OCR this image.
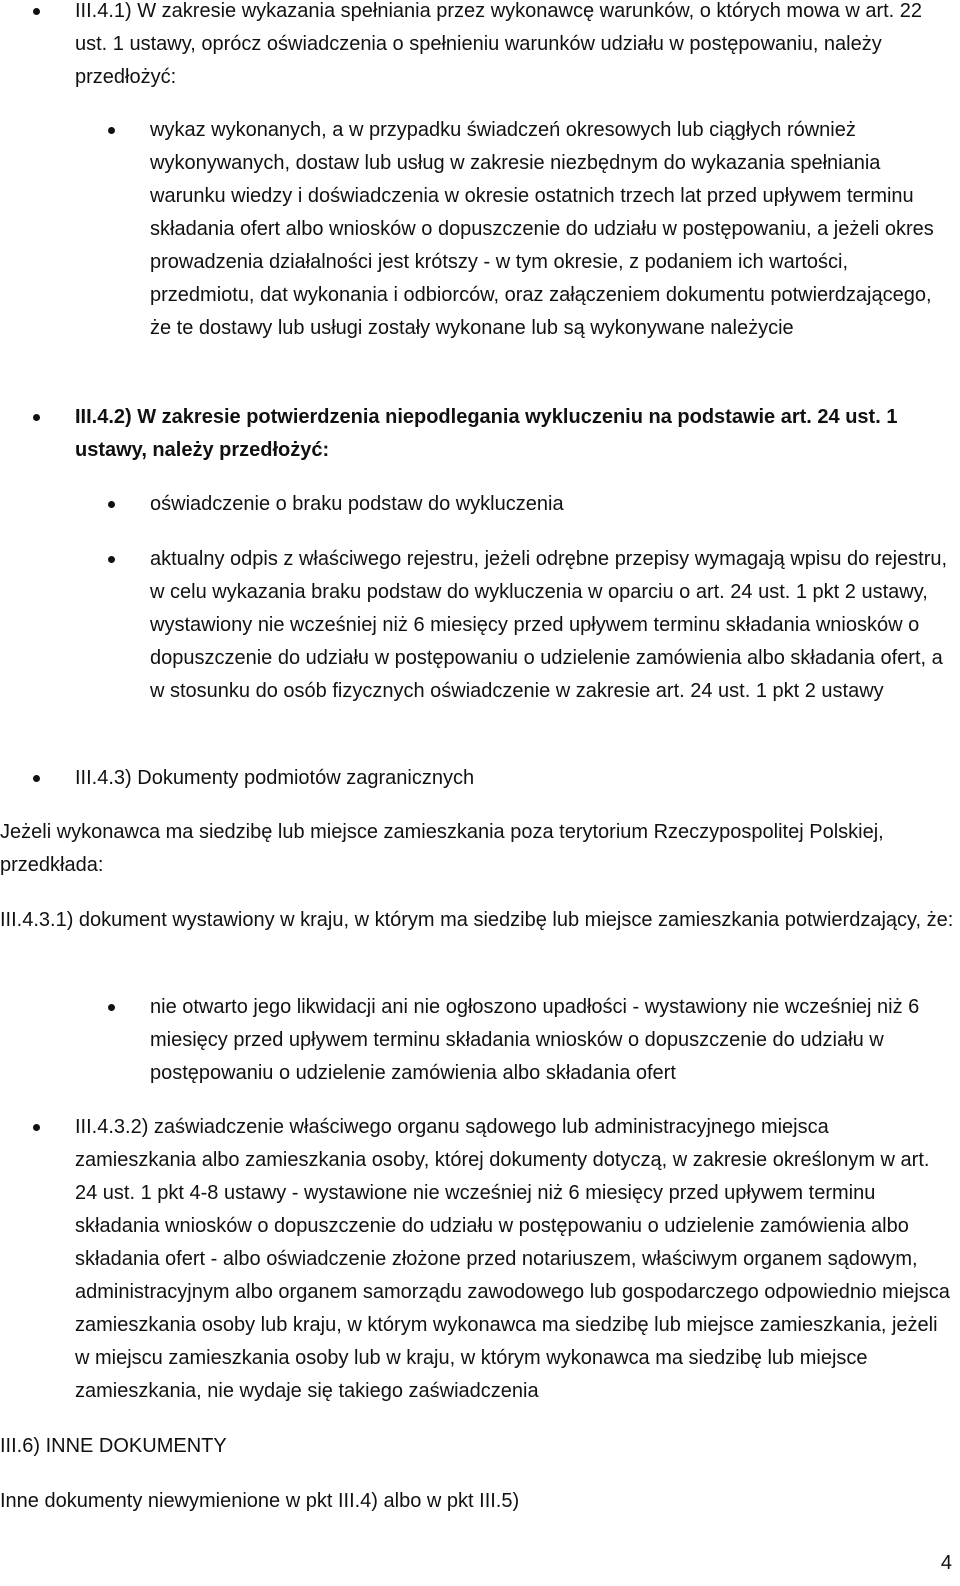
III.4.1) W zakresie wykazania spełniania przez wykonawcę warunków, o których mowa w art. 22 ust. 1 ustawy, oprócz oświadczenia o spełnieniu warunków udziału w postępowaniu, należy przedłożyć:

wykaz wykonanych, a w przypadku świadczeń okresowych lub ciągłych również wykonywanych, dostaw lub usług w zakresie niezbędnym do wykazania spełniania warunku wiedzy i doświadczenia w okresie ostatnich trzech lat przed upływem terminu składania ofert albo wniosków o dopuszczenie do udziału w postępowaniu, a jeżeli okres prowadzenia działalności jest krótszy - w tym okresie, z podaniem ich wartości, przedmiotu, dat wykonania i odbiorców, oraz załączeniem dokumentu potwierdzającego, że te dostawy lub usługi zostały wykonane lub są wykonywane należycie

III.4.2) W zakresie potwierdzenia niepodlegania wykluczeniu na podstawie art. 24 ust. 1 ustawy, należy przedłożyć:

oświadczenie o braku podstaw do wykluczenia

aktualny odpis z właściwego rejestru, jeżeli odrębne przepisy wymagają wpisu do rejestru, w celu wykazania braku podstaw do wykluczenia w oparciu o art. 24 ust. 1 pkt 2 ustawy, wystawiony nie wcześniej niż 6 miesięcy przed upływem terminu składania wniosków o dopuszczenie do udziału w postępowaniu o udzielenie zamówienia albo składania ofert, a w stosunku do osób fizycznych oświadczenie w zakresie art. 24 ust. 1 pkt 2 ustawy

III.4.3) Dokumenty podmiotów zagranicznych

Jeżeli wykonawca ma siedzibę lub miejsce zamieszkania poza terytorium Rzeczypospolitej Polskiej, przedkłada:

III.4.3.1) dokument wystawiony w kraju, w którym ma siedzibę lub miejsce zamieszkania potwierdzający, że:

nie otwarto jego likwidacji ani nie ogłoszono upadłości - wystawiony nie wcześniej niż 6 miesięcy przed upływem terminu składania wniosków o dopuszczenie do udziału w postępowaniu o udzielenie zamówienia albo składania ofert

III.4.3.2) zaświadczenie właściwego organu sądowego lub administracyjnego miejsca zamieszkania albo zamieszkania osoby, której dokumenty dotyczą, w zakresie określonym w art. 24 ust. 1 pkt 4-8 ustawy - wystawione nie wcześniej niż 6 miesięcy przed upływem terminu składania wniosków o dopuszczenie do udziału w postępowaniu o udzielenie zamówienia albo składania ofert - albo oświadczenie złożone przed notariuszem, właściwym organem sądowym, administracyjnym albo organem samorządu zawodowego lub gospodarczego odpowiednio miejsca zamieszkania osoby lub kraju, w którym wykonawca ma siedzibę lub miejsce zamieszkania, jeżeli w miejscu zamieszkania osoby lub w kraju, w którym wykonawca ma siedzibę lub miejsce zamieszkania, nie wydaje się takiego zaświadczenia

III.6) INNE DOKUMENTY

Inne dokumenty niewymienione w pkt III.4) albo w pkt III.5)

4
